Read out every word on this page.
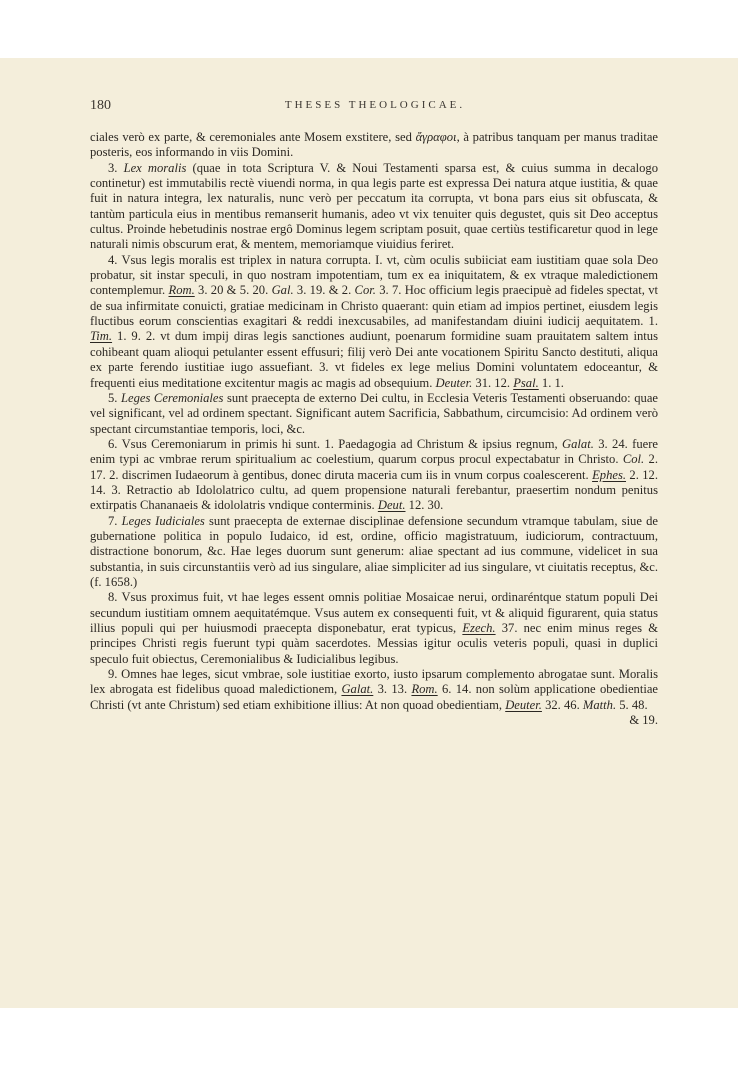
180	THESES THEOLOGICAE.

ciales verò ex parte, & ceremoniales ante Mosem exstitere, sed ἄγραφοι, à patribus tanquam per manus traditae posteris, eos informando in viis Domini.

3. Lex moralis (quae in tota Scriptura V. & Noui Testamenti sparsa est, & cuius summa in decalogo continetur) est immutabilis rectè viuendi norma, in qua legis parte est expressa Dei natura atque iustitia, & quae fuit in natura integra, lex naturalis, nunc verò per peccatum ita corrupta, vt bona pars eius sit obfuscata, & tantùm particula eius in mentibus remanserit humanis, adeo vt vix tenuiter quis degustet, quis sit Deo acceptus cultus. Proinde hebetudinis nostrae ergô Dominus legem scriptam posuit, quae certiùs testificaretur quod in lege naturali nimis obscurum erat, & mentem, memoriamque viuidius feriret.

4. Vsus legis moralis est triplex in natura corrupta. I. vt, cùm oculis subiiciat eam iustitiam quae sola Deo probatur, sit instar speculi, in quo nostram impotentiam, tum ex ea iniquitatem, & ex vtraque maledictionem contemplemur. Rom. 3. 20 & 5. 20. Gal. 3. 19. & 2. Cor. 3. 7. Hoc officium legis praecipuè ad fideles spectat, vt de sua infirmitate conuicti, gratiae medicinam in Christo quaerant: quin etiam ad impios pertinet, eiusdem legis fluctibus eorum conscientias exagitari & reddi inexcusabiles, ad manifestandam diuini iudicij aequitatem. 1. Tim. 1. 9. 2. vt dum impij diras legis sanctiones audiunt, poenarum formidine suam prauitatem saltem intus cohibeant quam alioqui petulanter essent effusuri; filij verò Dei ante vocationem Spiritu Sancto destituti, aliqua ex parte ferendo iustitiae iugo assuefiant. 3. vt fideles ex lege melius Domini voluntatem edoceantur, & frequenti eius meditatione excitentur magis ac magis ad obsequium. Deuter. 31. 12. Psal. 1. 1.

5. Leges Ceremoniales sunt praecepta de externo Dei cultu, in Ecclesia Veteris Testamenti obseruando: quae vel significant, vel ad ordinem spectant. Significant autem Sacrificia, Sabbathum, circumcisio: Ad ordinem verò spectant circumstantiae temporis, loci, &c.

6. Vsus Ceremoniarum in primis hi sunt. 1. Paedagogia ad Christum & ipsius regnum, Galat. 3. 24. fuere enim typi ac vmbrae rerum spiritualium ac coelestium, quarum corpus procul expectabatur in Christo. Col. 2. 17. 2. discrimen Iudaeorum à gentibus, donec diruta maceria cum iis in vnum corpus coalescerent. Ephes. 2. 12. 14. 3. Retractio ab Idololatrico cultu, ad quem propensione naturali ferebantur, praesertim nondum penitus extirpatis Chananaeis & idololatris vndique conterminis. Deut. 12. 30.

7. Leges Iudiciales sunt praecepta de externae disciplinae defensione secundum vtramque tabulam, siue de gubernatione politica in populo Iudaico, id est, ordine, officio magistratuum, iudiciorum, contractuum, distractione bonorum, &c. Hae leges duorum sunt generum: aliae spectant ad ius commune, videlicet in sua substantia, in suis circunstantiis verò ad ius singulare, aliae simpliciter ad ius singulare, vt ciuitatis receptus, &c. (f. 1658.)

8. Vsus proximus fuit, vt hae leges essent omnis politiae Mosaicae nerui, ordinaréntque statum populi Dei secundum iustitiam omnem aequitatémque. Vsus autem ex consequenti fuit, vt & aliquid figurarent, quia status illius populi qui per huiusmodi praecepta disponebatur, erat typicus, Ezech. 37. nec enim minus reges & principes Christi regis fuerunt typi quàm sacerdotes. Messias igitur oculis veteris populi, quasi in duplici speculo fuit obiectus, Ceremonialibus & Iudicialibus legibus.

9. Omnes hae leges, sicut vmbrae, sole iustitiae exorto, iusto ipsarum complemento abrogatae sunt. Moralis lex abrogata est fidelibus quoad maledictionem, Galat. 3. 13. Rom. 6. 14. non solùm applicatione obedientiae Christi (vt ante Christum) sed etiam exhibitione illius: At non quoad obedientiam, Deuter. 32. 46. Matth. 5. 48.

& 19.
